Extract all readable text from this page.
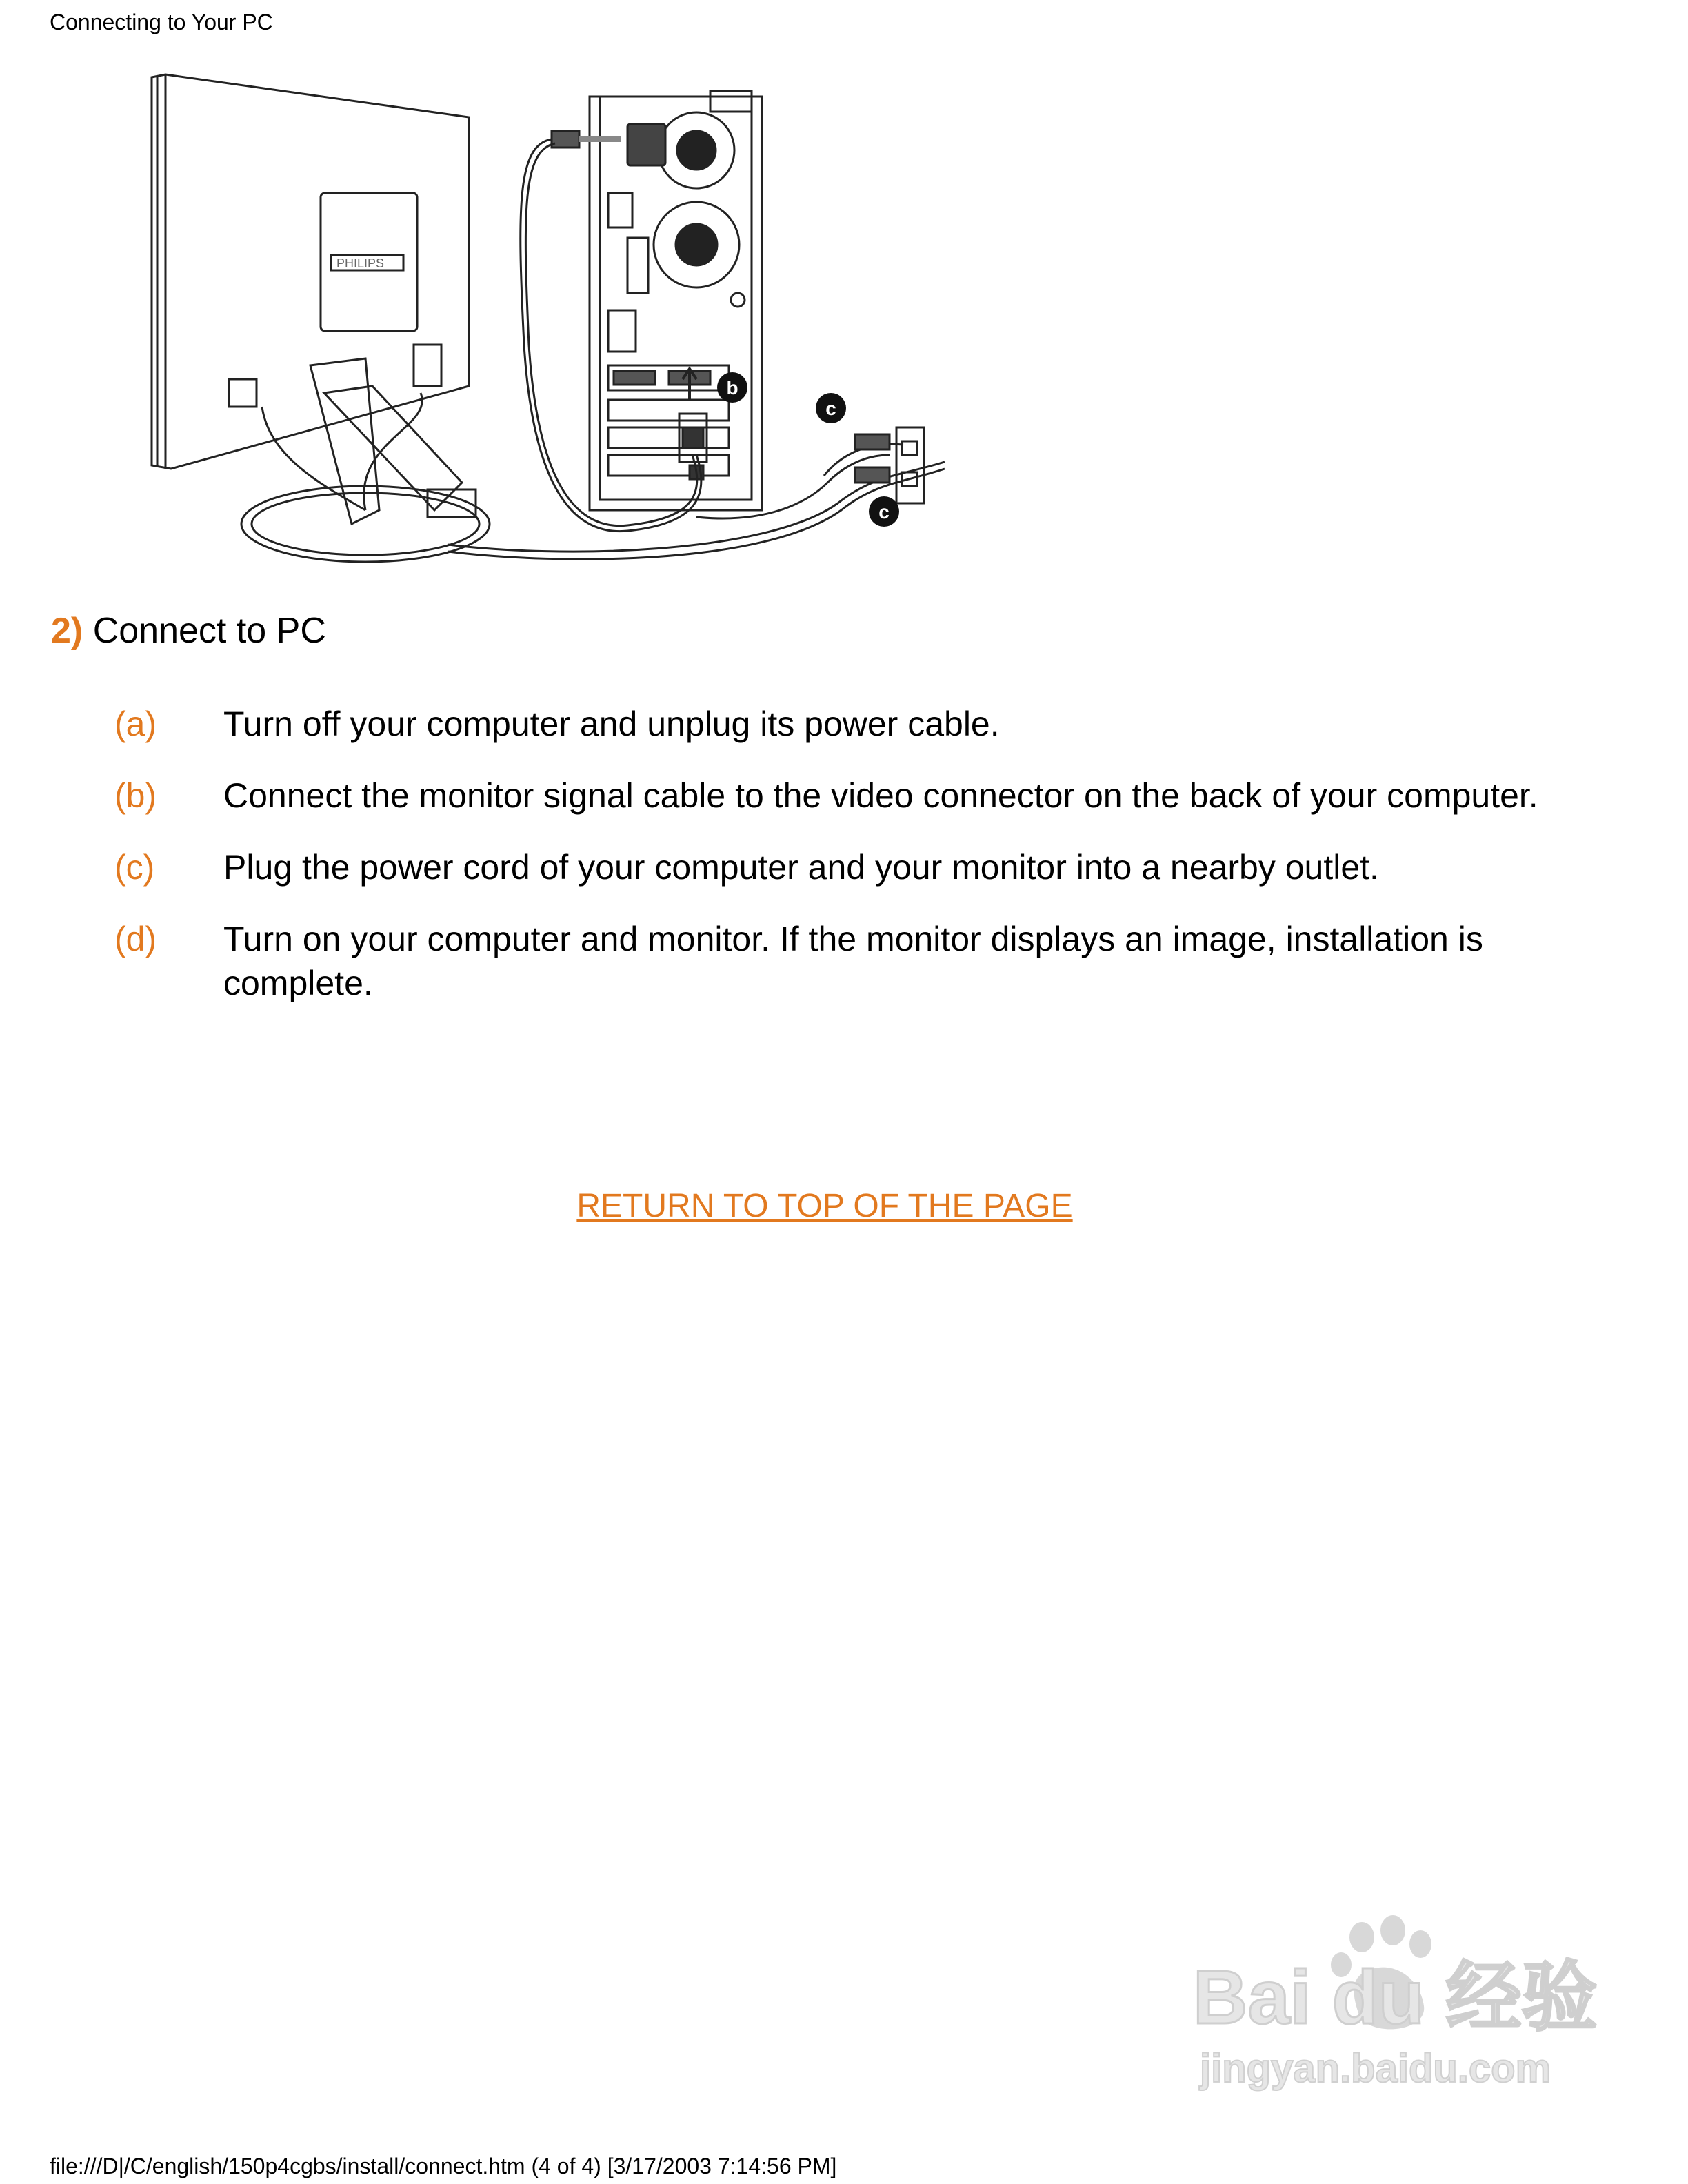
Connecting to Your PC
PHILIPS
b
c
c
2) Connect to PC
(a)	Turn off your computer and unplug its power cable.
(b)	Connect the monitor signal cable to the video connector on the back of your computer.
(c)	Plug the power cord of your computer and your monitor into a nearby outlet.
(d)	Turn on your computer and monitor. If the monitor displays an image, installation is complete.
RETURN TO TOP OF THE PAGE
Bai du 经验
jingyan.baidu.com
file:///D|/C/english/150p4cgbs/install/connect.htm (4 of 4) [3/17/2003 7:14:56 PM]
